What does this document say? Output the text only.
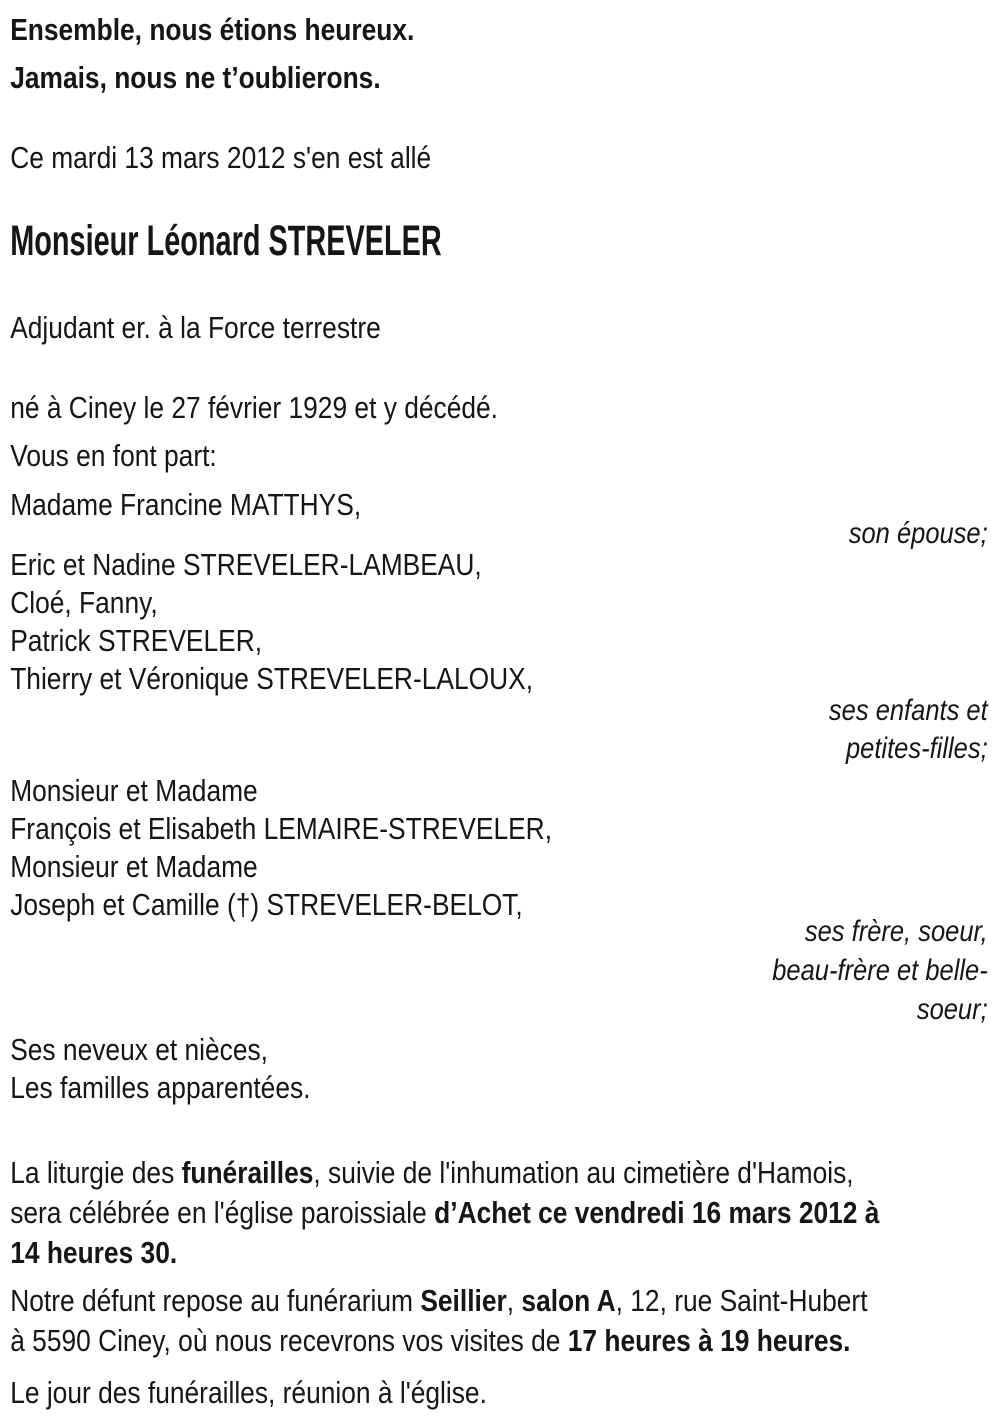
Ensemble, nous étions heureux.
Jamais, nous ne t’oublierons.
Ce mardi 13 mars 2012 s'en est allé
Monsieur Léonard STREVELER
Adjudant er. à la Force terrestre
né à Ciney le 27 février 1929 et y décédé.
Vous en font part:
Madame Francine MATTHYS,
son épouse;
Eric et Nadine STREVELER-LAMBEAU,
Cloé, Fanny,
Patrick STREVELER,
Thierry et Véronique STREVELER-LALOUX,
ses enfants et
petites-filles;
Monsieur et Madame
François et Elisabeth LEMAIRE-STREVELER,
Monsieur et Madame
Joseph et Camille (†) STREVELER-BELOT,
ses frère, soeur,
beau-frère et belle-
soeur;
Ses neveux et nièces,
Les familles apparentées.
La liturgie des funérailles, suivie de l'inhumation au cimetière d'Hamois,
sera célébrée en l'église paroissiale d’Achet ce vendredi 16 mars 2012 à
14 heures 30.
Notre défunt repose au funérarium Seillier, salon A, 12, rue Saint-Hubert
à 5590 Ciney, où nous recevrons vos visites de 17 heures à 19 heures.
Le jour des funérailles, réunion à l'église.
